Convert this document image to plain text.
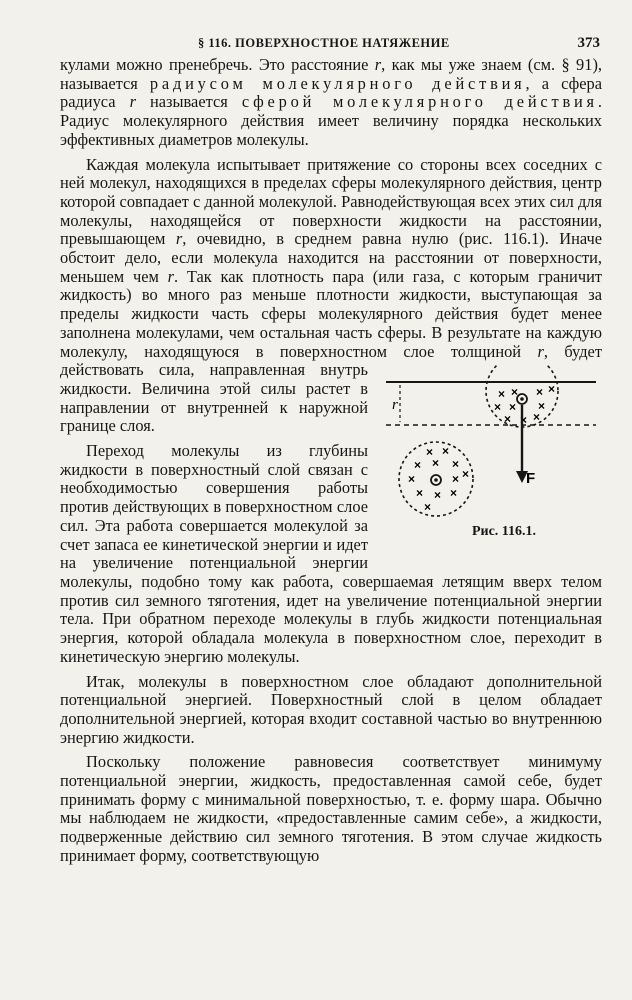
§ 116. ПОВЕРХНОСТНОЕ НАТЯЖЕНИЕ	373

кулами можно пренебречь. Это расстояние r, как мы уже знаем (см. § 91), называется радиусом молекулярного действия, а сфера радиуса r называется сферой молекулярного действия. Радиус молекулярного действия имеет величину порядка нескольких эффективных диаметров молекулы.

Каждая молекула испытывает притяжение со стороны всех соседних с ней молекул, находящихся в пределах сферы молекулярного действия, центр которой совпадает с данной молекулой. Равнодействующая всех этих сил для молекулы, находящейся от поверхности жидкости на расстоянии, превышающем r, очевидно, в среднем равна нулю (рис. 116.1). Иначе обстоит дело, если молекула находится на расстоянии от поверхности, меньшем чем r. Так как плотность пара (или газа, с которым граничит жидкость) во много раз меньше плотности жидкости, выступающая за пределы жидкости часть сферы молекулярного действия будет менее заполнена молекулами, чем остальная часть сферы. В результате на каждую молекулу, находящуюся в поверхностном слое толщиной
r
× × × ×
× × ×
× × ×
F
× ×
× × ×
×	× ×
× × ×
×
Рис. 116.1.
r, будет действовать сила, направленная внутрь жидкости. Величина этой силы растет в направлении от внутренней к наружной границе слоя.

Переход молекулы из глубины жидкости в поверхностный слой связан с необходимостью совершения работы против действующих в поверхностном слое сил. Эта работа совершается молекулой за счет запаса ее кинетической энергии и идет на увеличение потенциальной энергии молекулы, подобно тому как работа, совершаемая летящим вверх телом против сил земного тяготения, идет на увеличение потенциальной энергии тела. При обратном переходе молекулы в глубь жидкости потенциальная энергия, которой обладала молекула в поверхностном слое, переходит в кинетическую энергию молекулы.

Итак, молекулы в поверхностном слое обладают дополнительной потенциальной энергией. Поверхностный слой в целом обладает дополнительной энергией, которая входит составной частью во внутреннюю энергию жидкости.

Поскольку положение равновесия соответствует минимуму потенциальной энергии, жидкость, предоставленная самой себе, будет принимать форму с минимальной поверхностью, т. е. форму шара. Обычно мы наблюдаем не жидкости, «предоставленные самим себе», а жидкости, подверженные действию сил земного тяготения. В этом случае жидкость принимает форму, соответствующую
